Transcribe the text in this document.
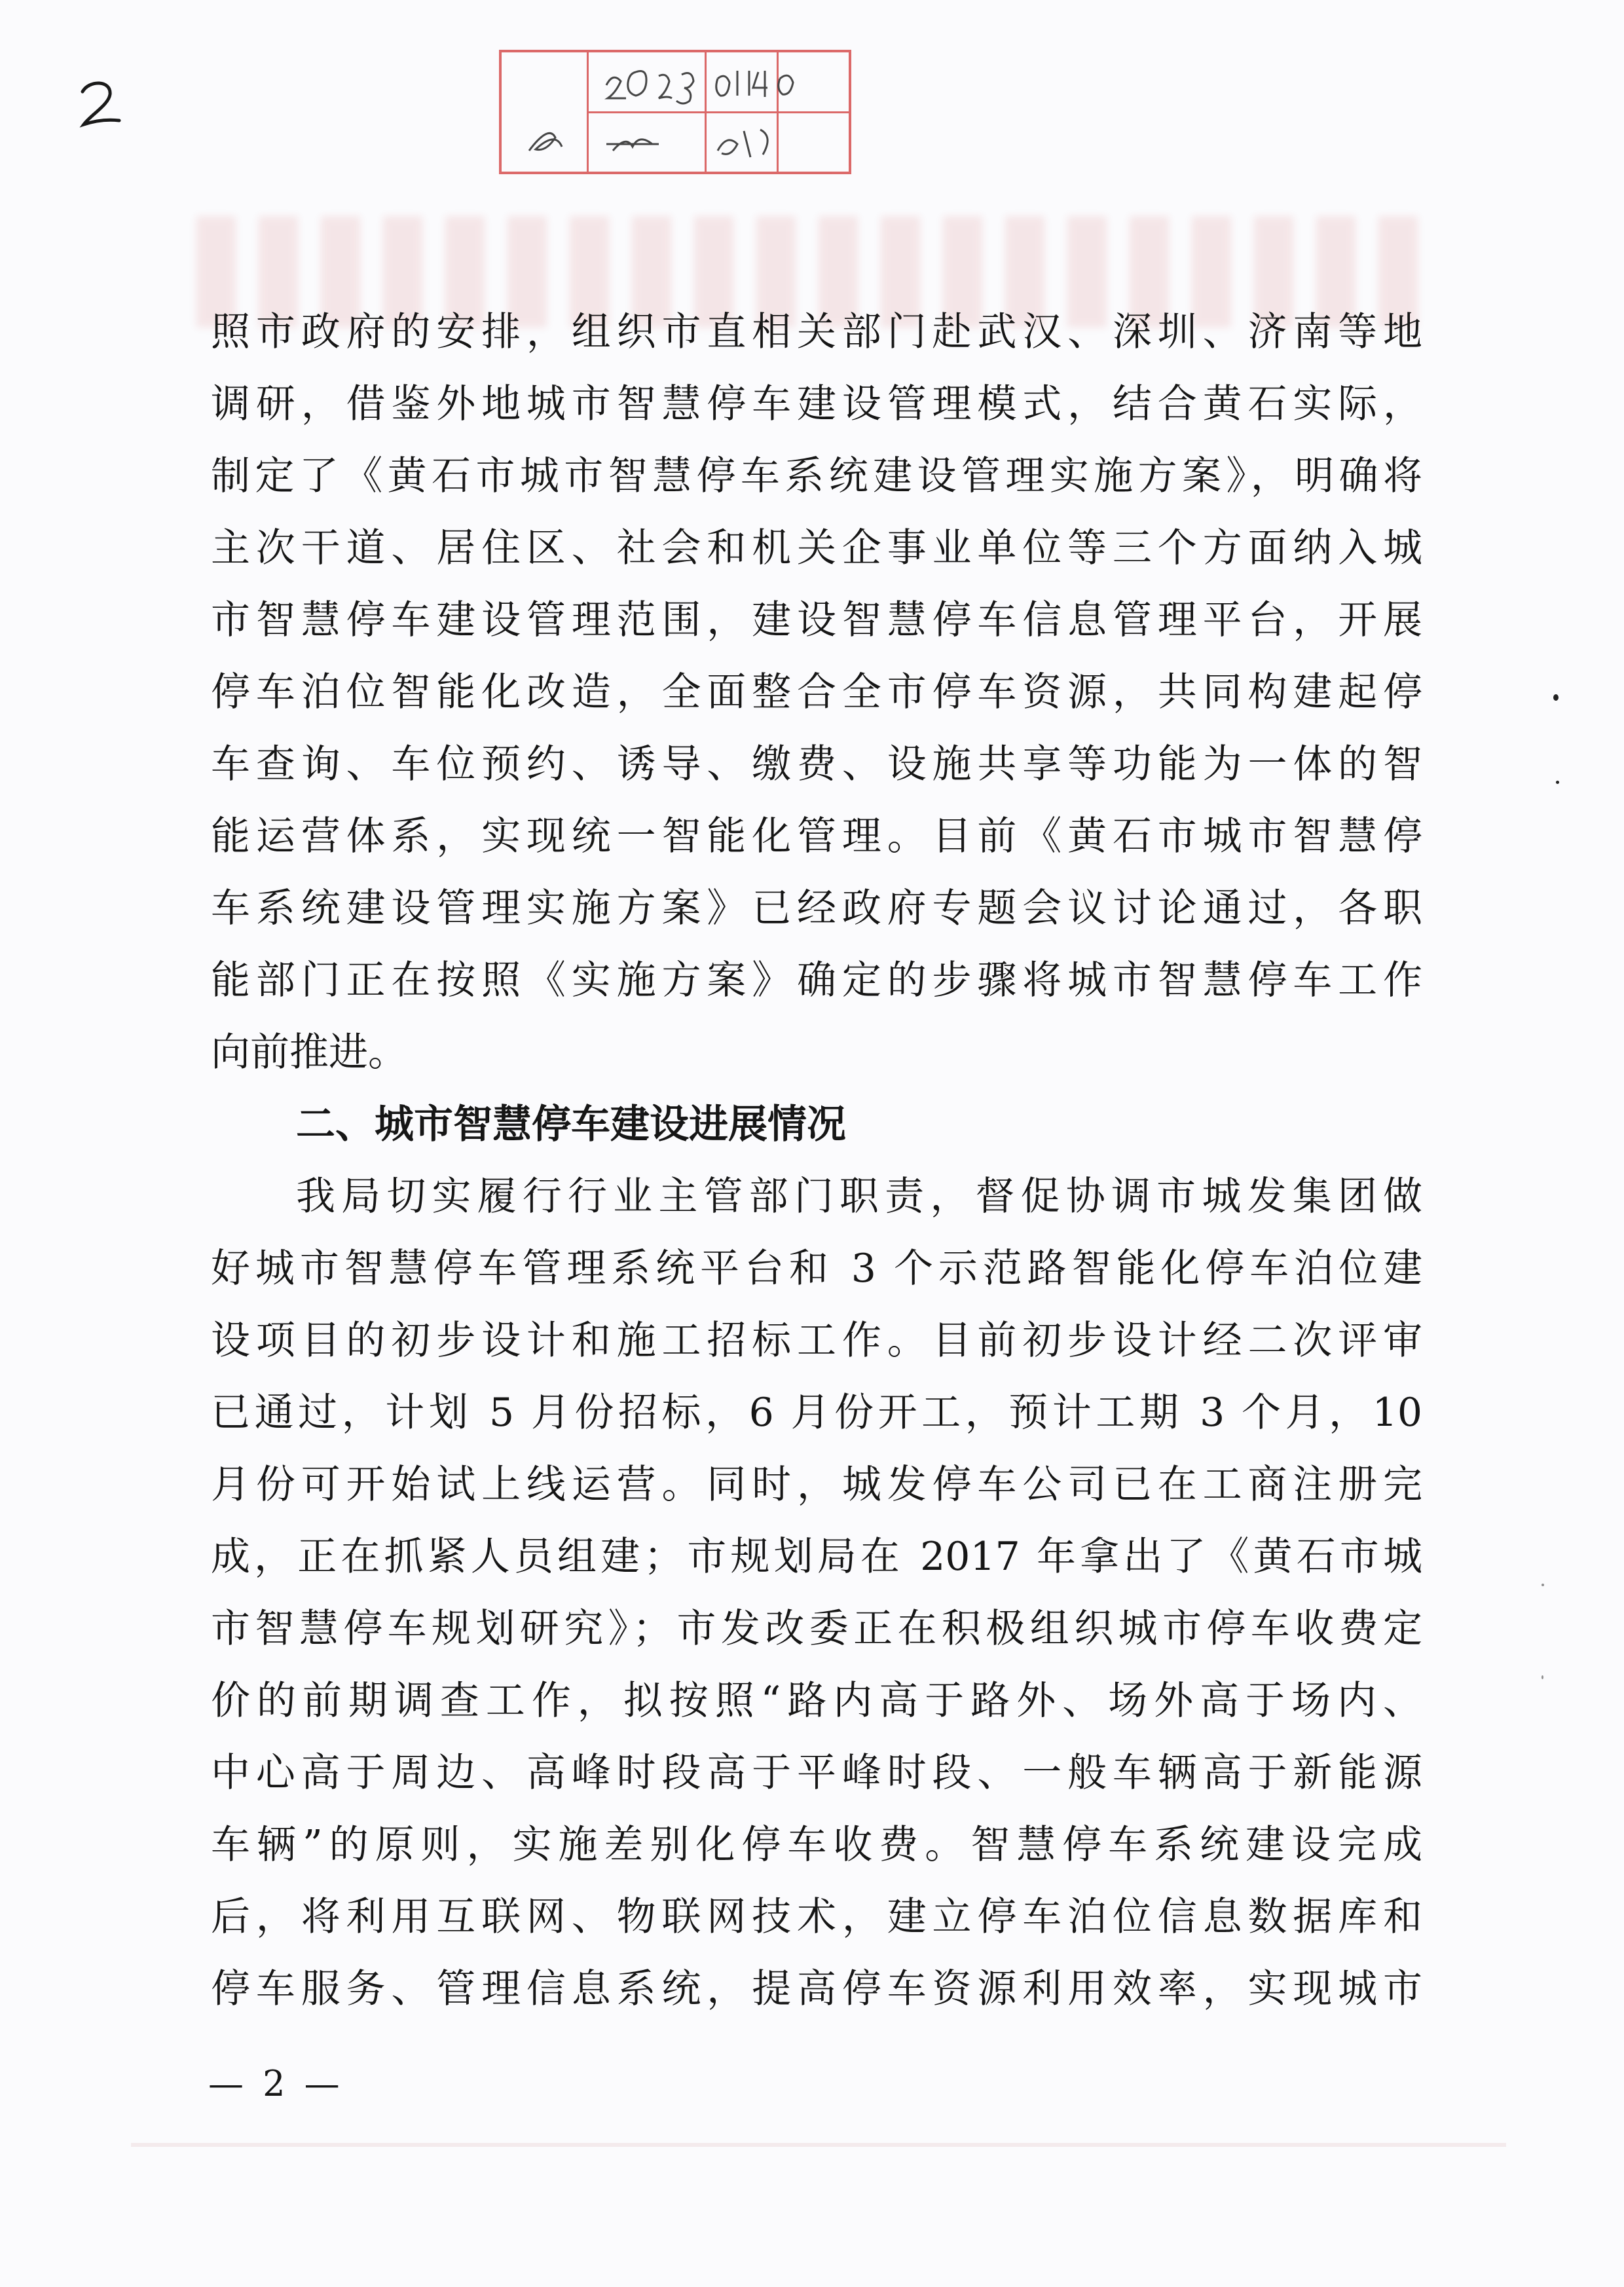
照市政府的安排，组织市直相关部门赴武汉、深圳、济南等地
调研，借鉴外地城市智慧停车建设管理模式，结合黄石实际，
制定了《黄石市城市智慧停车系统建设管理实施方案》，明确将
主次干道、居住区、社会和机关企事业单位等三个方面纳入城
市智慧停车建设管理范围，建设智慧停车信息管理平台，开展
停车泊位智能化改造，全面整合全市停车资源，共同构建起停
车查询、车位预约、诱导、缴费、设施共享等功能为一体的智
能运营体系，实现统一智能化管理。目前《黄石市城市智慧停
车系统建设管理实施方案》已经政府专题会议讨论通过，各职
能部门正在按照《实施方案》确定的步骤将城市智慧停车工作
向前推进。
二、城市智慧停车建设进展情况
我局切实履行行业主管部门职责，督促协调市城发集团做
好城市智慧停车管理系统平台和 3 个示范路智能化停车泊位建
设项目的初步设计和施工招标工作。目前初步设计经二次评审
已通过，计划 5 月份招标，6 月份开工，预计工期 3 个月，10
月份可开始试上线运营。同时，城发停车公司已在工商注册完
成，正在抓紧人员组建；市规划局在 2017 年拿出了《黄石市城
市智慧停车规划研究》；市发改委正在积极组织城市停车收费定
价的前期调查工作，拟按照“路内高于路外、场外高于场内、
中心高于周边、高峰时段高于平峰时段、一般车辆高于新能源
车辆”的原则，实施差别化停车收费。智慧停车系统建设完成
后，将利用互联网、物联网技术，建立停车泊位信息数据库和
停车服务、管理信息系统，提高停车资源利用效率，实现城市
— 2 —
